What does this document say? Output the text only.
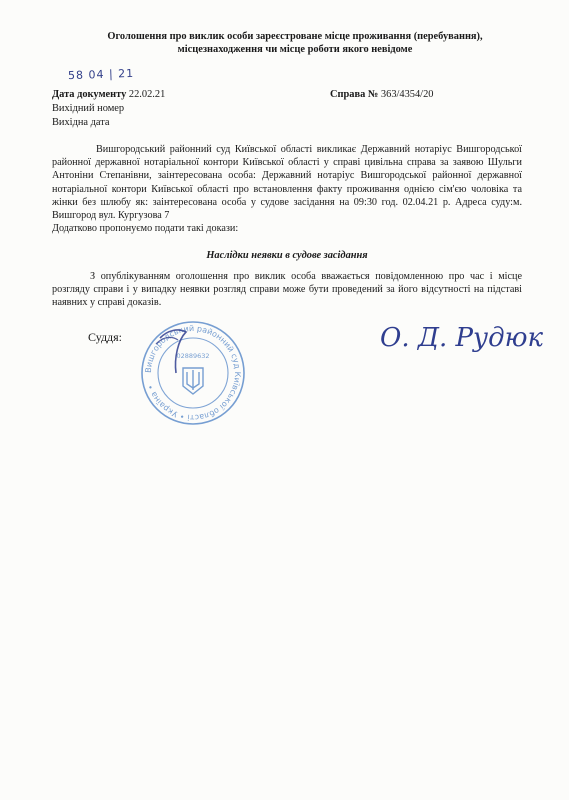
Оголошення про виклик особи зареєстроване місце проживання (перебування),
місцезнаходження чи місце роботи якого невідоме
58 04 | 21
Дата документу 22.02.21
Вихідний номер
Вихідна дата
Справа № 363/4354/20
Вишгородський районний суд Київської області викликає Державний нотаріус Вишгородської районної державної нотаріальної контори Київської області у справі цивільна справа за заявою Шульги Антоніни Степанівни, заінтересована особа: Державний нотаріус Вишгородської районної державної нотаріальної контори Київської області про встановлення факту проживання однією сім'єю чоловіка та жінки без шлюбу як: заінтересована особа у судове засідання на 09:30 год. 02.04.21 р. Адреса суду:м. Вишгород вул. Кургузова 7
Додатково пропонуємо подати такі докази:
Наслідки неявки в судове засідання
З опублікуванням оголошення про виклик особа вважається повідомленною про час і місце розгляду справи і у випадку неявки розгляд справи може бути проведений за його відсутності на підставі наявних у справі доказів.
Суддя:
Вишгородський районний суд Київської області • Україна •
02889632
О. Д. Рудюк
